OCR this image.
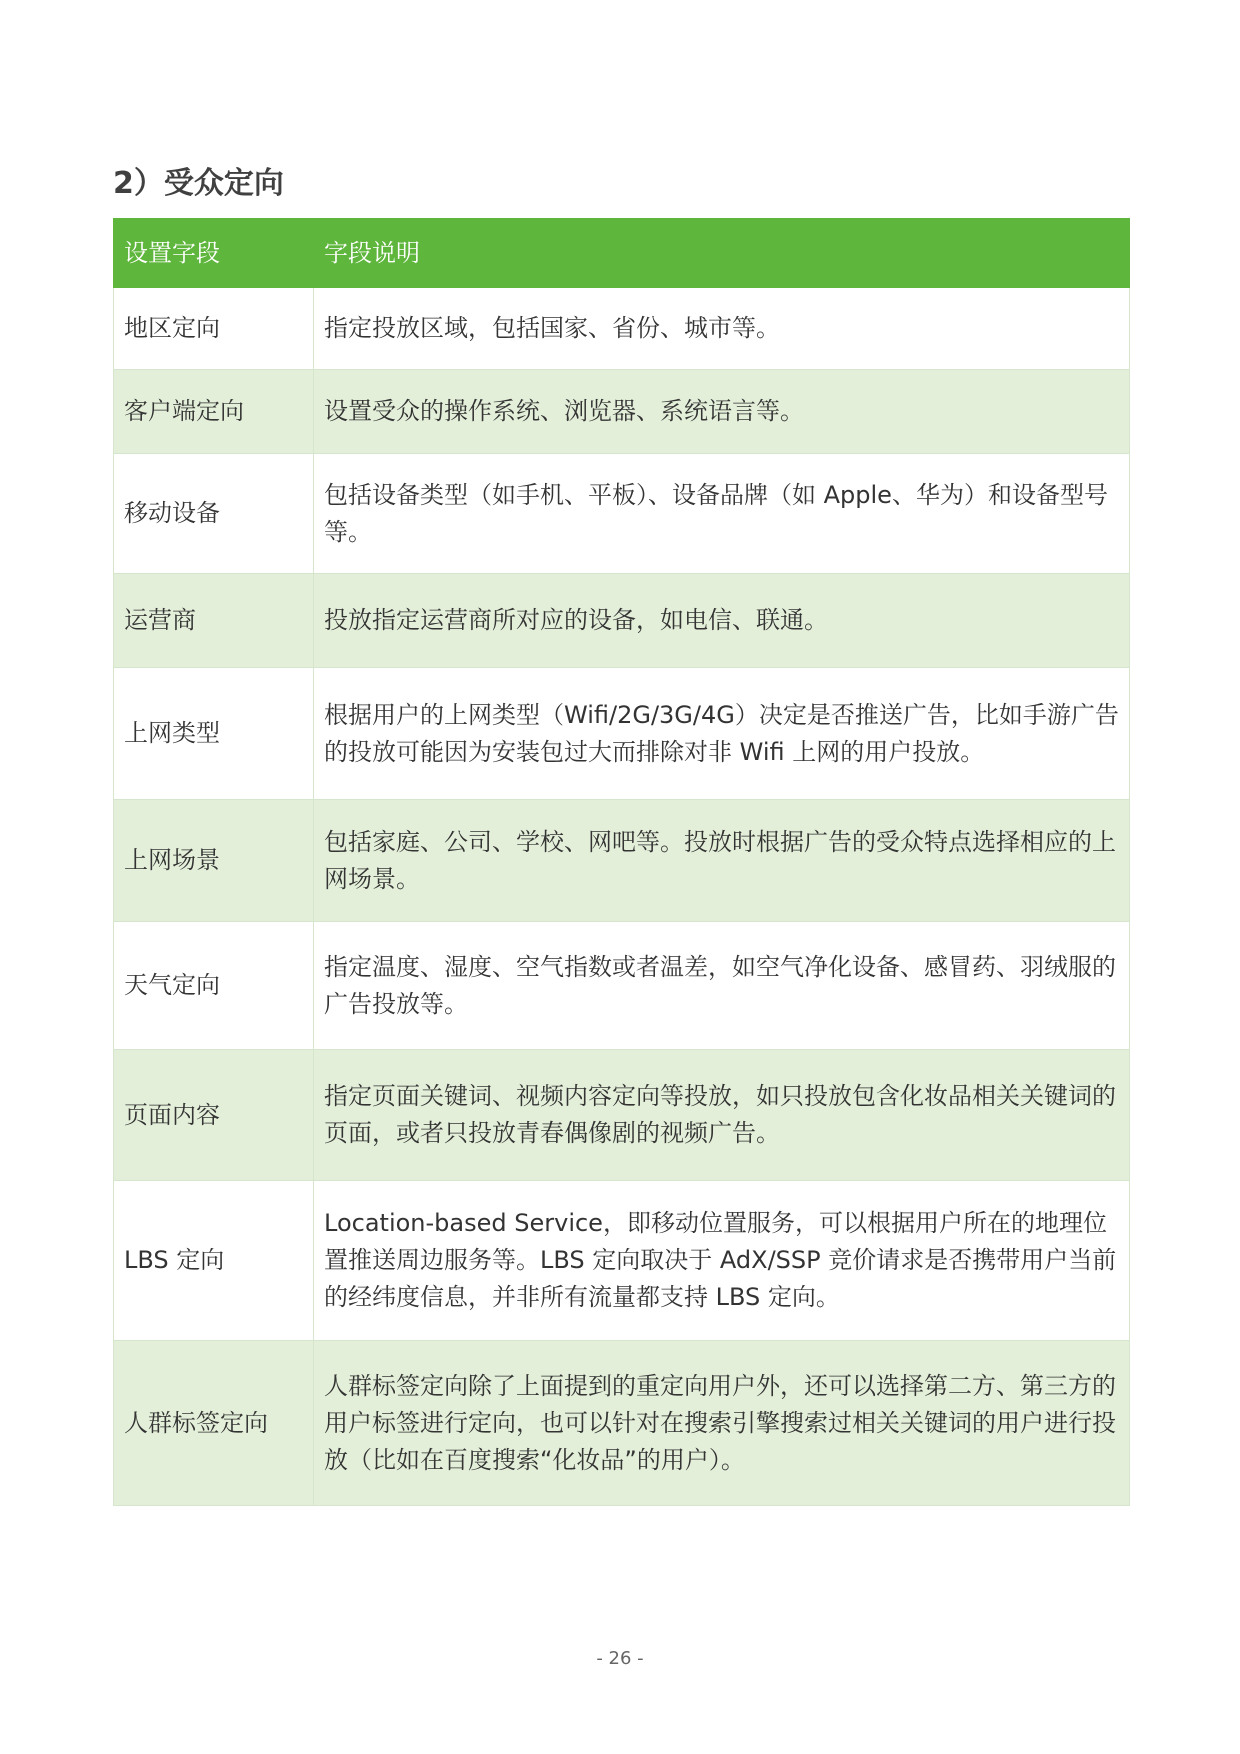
2）受众定向
设置字段	字段说明
地区定向	指定投放区域，包括国家、省份、城市等。
客户端定向	设置受众的操作系统、浏览器、系统语言等。
移动设备	包括设备类型（如手机、平板）、设备品牌（如 Apple、华为）和设备型号等。
运营商	投放指定运营商所对应的设备，如电信、联通。
上网类型	根据用户的上网类型（Wifi/2G/3G/4G）决定是否推送广告，比如手游广告的投放可能因为安装包过大而排除对非 Wifi 上网的用户投放。
上网场景	包括家庭、公司、学校、网吧等。投放时根据广告的受众特点选择相应的上网场景。
天气定向	指定温度、湿度、空气指数或者温差，如空气净化设备、感冒药、羽绒服的广告投放等。
页面内容	指定页面关键词、视频内容定向等投放，如只投放包含化妆品相关关键词的页面，或者只投放青春偶像剧的视频广告。
LBS 定向	Location-based Service，即移动位置服务，可以根据用户所在的地理位置推送周边服务等。LBS 定向取决于 AdX/SSP 竞价请求是否携带用户当前的经纬度信息，并非所有流量都支持 LBS 定向。
人群标签定向	人群标签定向除了上面提到的重定向用户外，还可以选择第二方、第三方的用户标签进行定向，也可以针对在搜索引擎搜索过相关关键词的用户进行投放（比如在百度搜索“化妆品”的用户）。
- 26 -
